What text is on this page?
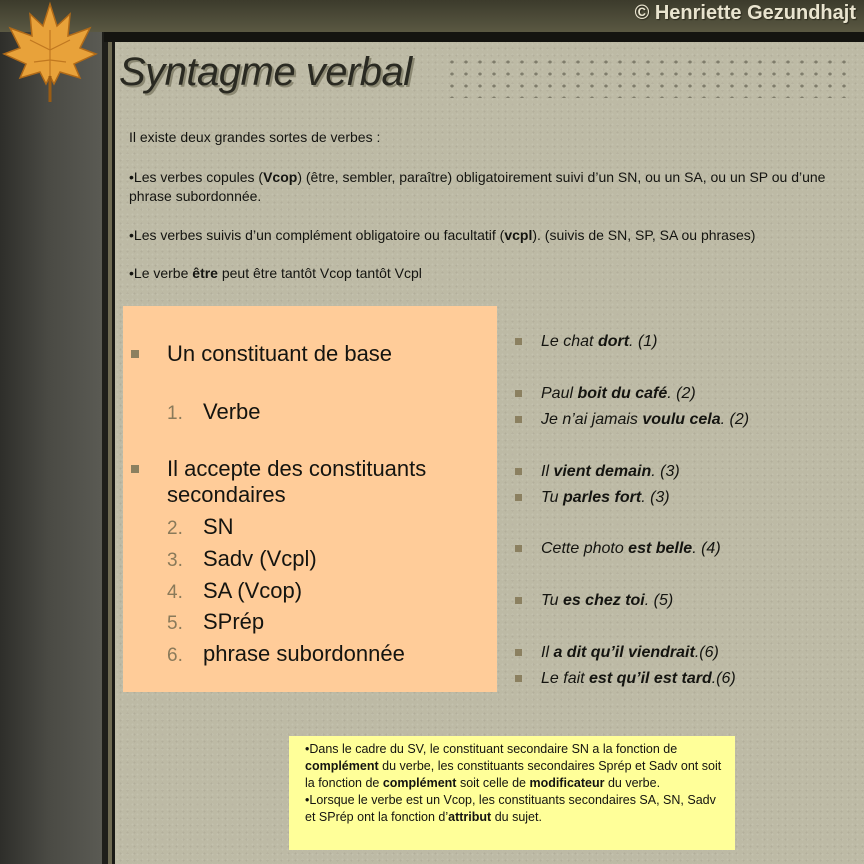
© Henriette Gezundhajt
Syntagme verbal
Il existe deux grandes sortes de verbes :
•Les verbes copules (Vcop) (être, sembler, paraître) obligatoirement suivi d’un SN, ou un SA, ou un SP ou d’une phrase subordonnée.
•Les verbes suivis d’un complément obligatoire ou facultatif (vcpl). (suivis de SN, SP, SA ou phrases)
•Le verbe être peut être tantôt Vcop tantôt Vcpl
Un constituant de base
1. Verbe
Il accepte des constituants
secondaires
2. SN
3. Sadv (Vcpl)
4. SA (Vcop)
5. SPrép
6. phrase subordonnée
Le chat dort. (1)
Paul boit du café. (2)
Je n’ai jamais voulu cela. (2)
Il vient demain. (3)
Tu parles fort. (3)
Cette photo est belle. (4)
Tu es chez toi. (5)
Il a dit qu’il viendrait.(6)
Le fait est qu’il est tard.(6)
•Dans le cadre du SV, le constituant secondaire SN a la fonction de complément du verbe, les constituants secondaires Sprép et Sadv ont soit la fonction de complément soit celle de modificateur du verbe.
•Lorsque le verbe est un Vcop, les constituants secondaires SA, SN, Sadv et SPrép ont la fonction d’attribut du sujet.
